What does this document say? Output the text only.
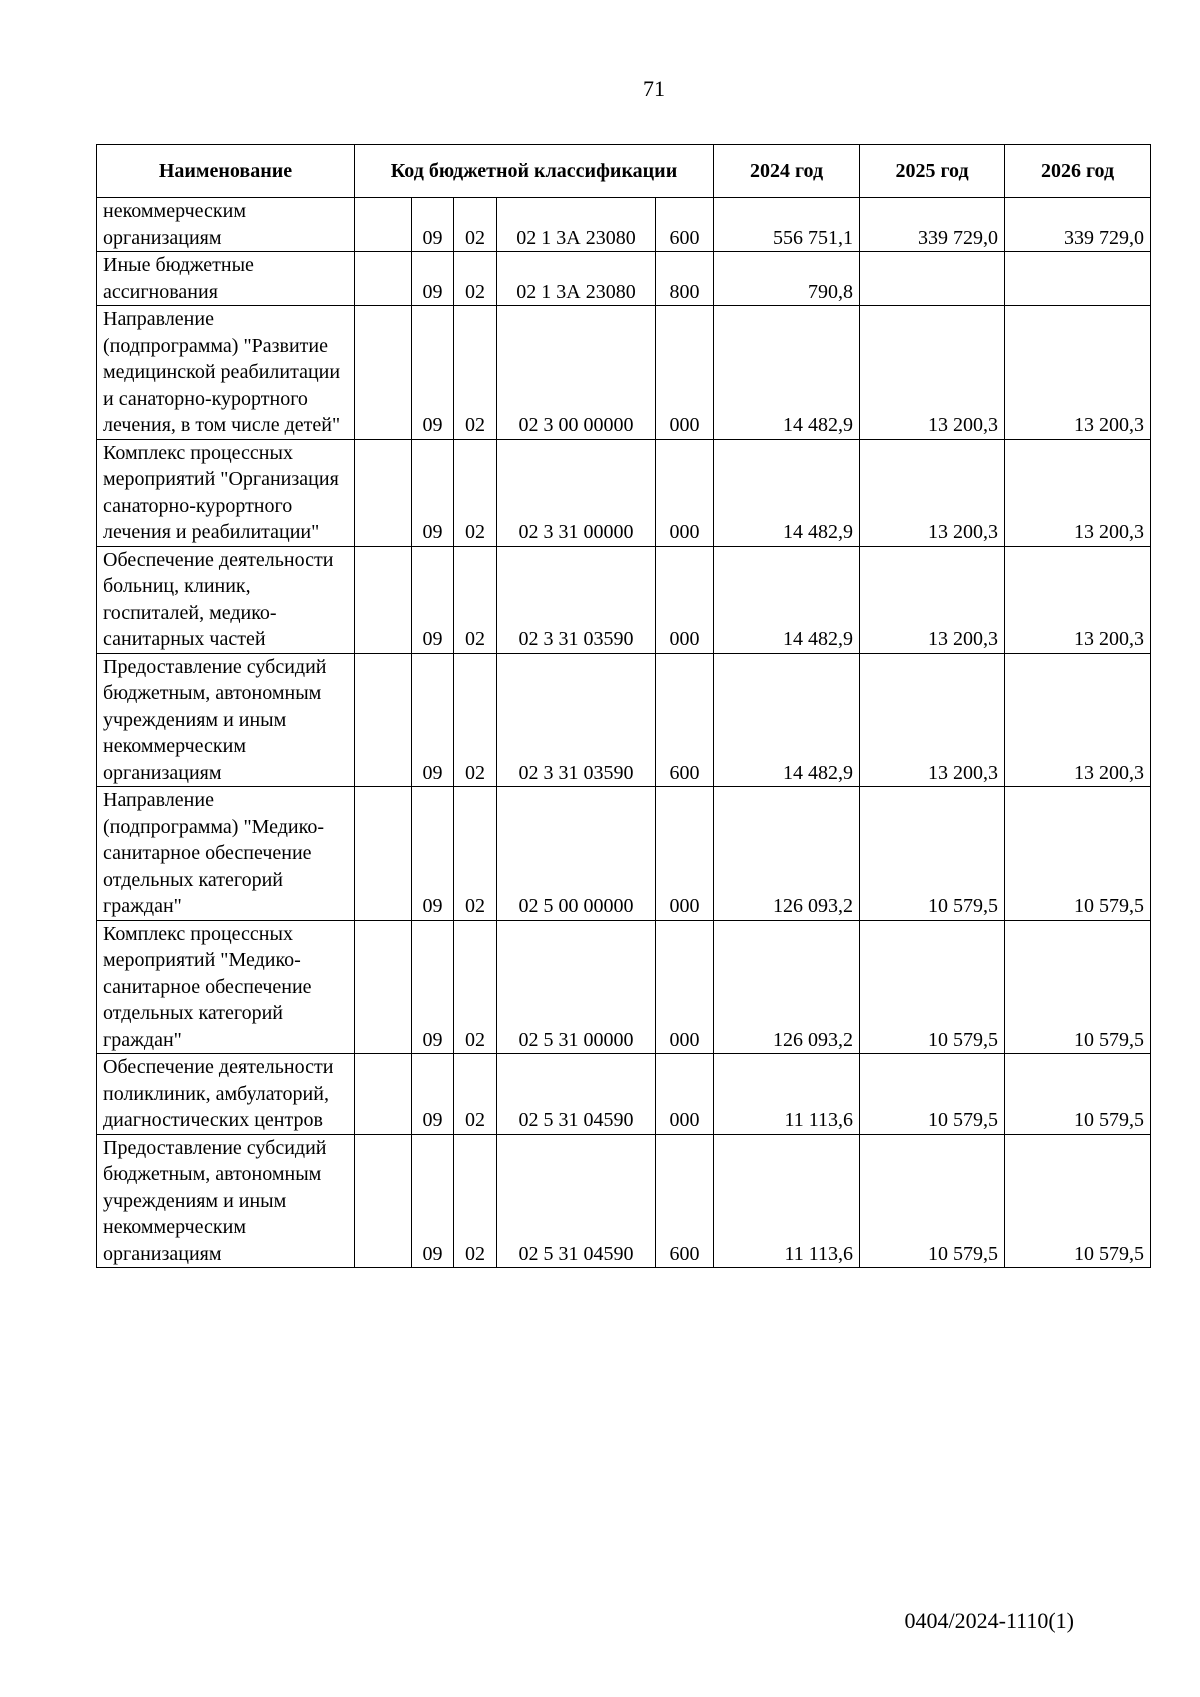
71
Наименование	Код бюджетной классификации					2024 год	2025 год	2026 год
некоммерческим организациям		09	02	02 1 3А 23080	600	556 751,1	339 729,0	339 729,0
Иные бюджетные ассигнования		09	02	02 1 3А 23080	800	790,8		
Направление (подпрограмма) "Развитие медицинской реабилитации и санаторно-курортного лечения, в том числе детей"		09	02	02 3 00 00000	000	14 482,9	13 200,3	13 200,3
Комплекс процессных мероприятий "Организация санаторно-курортного лечения и реабилитации"		09	02	02 3 31 00000	000	14 482,9	13 200,3	13 200,3
Обеспечение деятельности больниц, клиник, госпиталей, медико-санитарных частей		09	02	02 3 31 03590	000	14 482,9	13 200,3	13 200,3
Предоставление субсидий бюджетным, автономным учреждениям и иным некоммерческим организациям		09	02	02 3 31 03590	600	14 482,9	13 200,3	13 200,3
Направление (подпрограмма) "Медико-санитарное обеспечение отдельных категорий граждан"		09	02	02 5 00 00000	000	126 093,2	10 579,5	10 579,5
Комплекс процессных мероприятий "Медико-санитарное обеспечение отдельных категорий граждан"		09	02	02 5 31 00000	000	126 093,2	10 579,5	10 579,5
Обеспечение деятельности поликлиник, амбулаторий, диагностических центров		09	02	02 5 31 04590	000	11 113,6	10 579,5	10 579,5
Предоставление субсидий бюджетным, автономным учреждениям и иным некоммерческим организациям		09	02	02 5 31 04590	600	11 113,6	10 579,5	10 579,5
0404/2024-1110(1)
